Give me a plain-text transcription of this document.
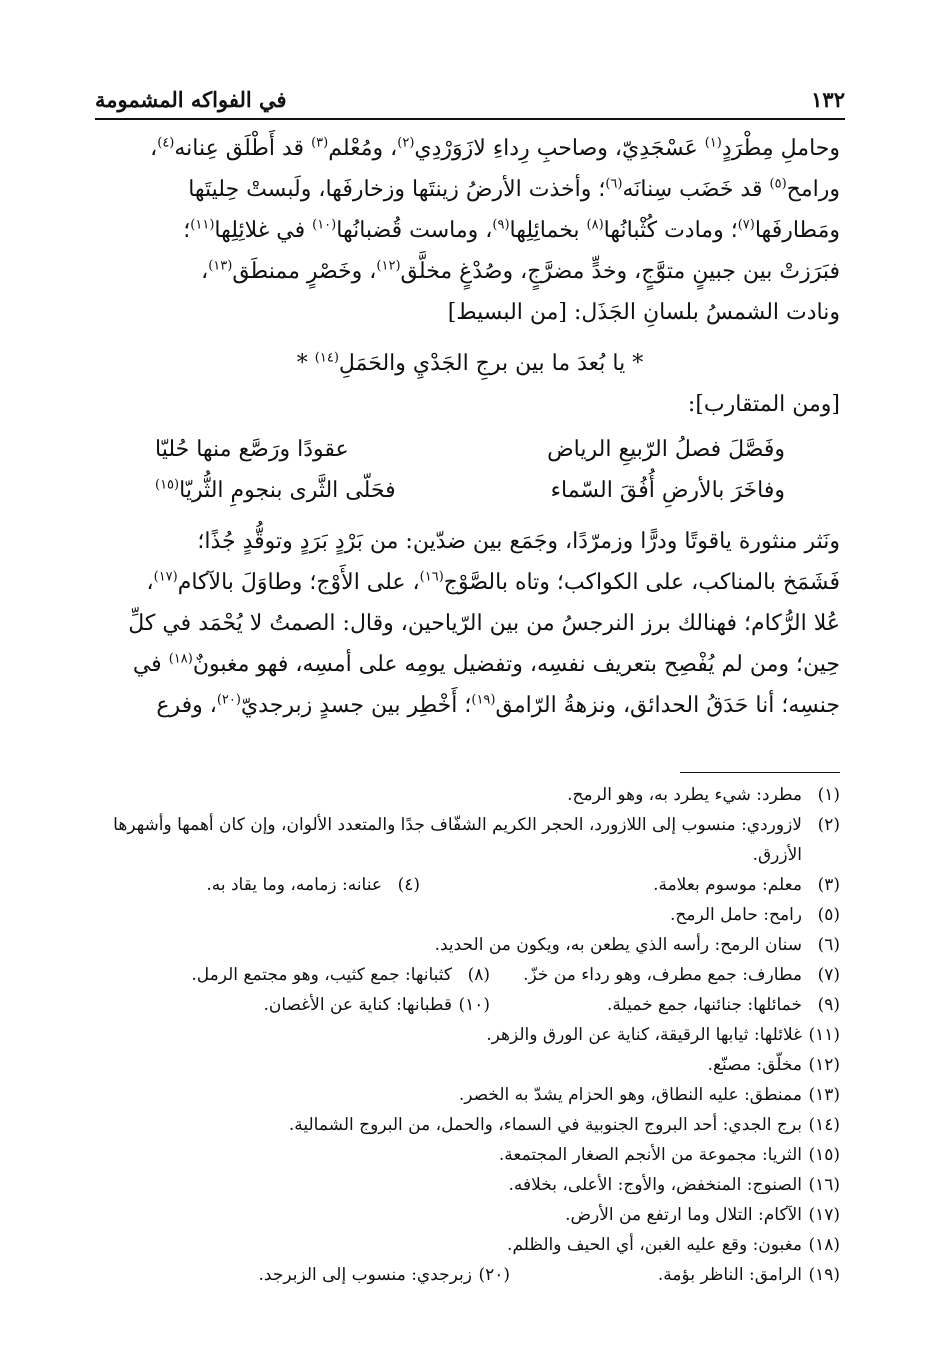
١٣٢
في الفواكه المشمومة

وحاملِ مِطْرَدٍ$^{(١)}$ عَسْجَدِيّ، وصاحبِ رِداءِ لازَوَرْدِي$^{(٢)}$، ومُعْلم$^{(٣)}$ قد أَطْلَق عِنانه$^{(٤)}$،

ورامح$^{(٥)}$ قد خَضَب سِنانَه$^{(٦)}$؛ وأخذت الأرضُ زينتَها وزخارفَها، ولَبستْ حِليتَها

ومَطارفَها$^{(٧)}$؛ ومادت كُثْبانُها$^{(٨)}$ بخمائِلِها$^{(٩)}$، وماست قُضبانُها$^{(١٠)}$ في غلائِلِها$^{(١١)}$؛

فبَرَزتْ بين جبينٍ متوَّجٍ، وخدٍّ مضرَّجٍ، وصُدْغٍ مخلَّق$^{(١٢)}$، وخَصْرٍ ممنطَق$^{(١٣)}$،

ونادت الشمسُ بلسانِ الجَذَل: [من البسيط]

* يا بُعدَ ما بين برجِ الجَدْيِ والحَمَلِ$^{(١٤)}$ *

[ومن المتقارب]:

وفَصَّلَ فصلُ الرّبيعِ الرياض
عقودًا ورَصَّع منها حُليّا
وفاخَرَ بالأرضِ أُفُقَ السّماء
فحَلّى الثَّرى بنجومِ الثُّريّا$^{(١٥)}$

ونَثر منثورة ياقوتًا ودرًّا وزمرّدًا، وجَمَع بين ضدّين: من بَرْدٍ بَرَدٍ وتوقُّدٍ جُذًا؛

فَشَمَخ بالمناكب، على الكواكب؛ وتاه بالصَّوْج$^{(١٦)}$، على الأَوْج؛ وطاوَلَ بالآكام$^{(١٧)}$،

عُلا الرُّكام؛ فهنالك برز النرجسُ من بين الرّياحين، وقال: الصمتُ لا يُحْمَد في كلِّ

حِين؛ ومن لم يُفْصِح بتعريف نفسِه، وتفضيل يومِه على أمسِه، فهو مغبونٌ$^{(١٨)}$ في

جنسِه؛ أنا حَدَقُ الحدائق، ونزهةُ الرّامق$^{(١٩)}$؛ أَخْطِر بين جسدٍ زبرجديّ$^{(٢٠)}$، وفرع

(١)
مطرد: شيء يطرد به، وهو الرمح.
(٢)
لازوردي: منسوب إلى اللازورد، الحجر الكريم الشفّاف جدًا والمتعدد الألوان، وإن كان أهمها وأشهرها الأزرق.
(٣)
معلم: موسوم بعلامة.
(٤)
عنانه: زمامه، وما يقاد به.
(٥)
رامح: حامل الرمح.
(٦)
سنان الرمح: رأسه الذي يطعن به، ويكون من الحديد.
(٧)
مطارف: جمع مطرف، وهو رداء من خزّ.
(٨)
كثبانها: جمع كثيب، وهو مجتمع الرمل.
(٩)
خمائلها: جنائنها، جمع خميلة.
(١٠)
قطبانها: كناية عن الأغصان.
(١١)
غلائلها: ثيابها الرقيقة، كناية عن الورق والزهر.
(١٢)
مخلّق: مصنّع.
(١٣)
ممنطق: عليه النطاق، وهو الحزام يشدّ به الخصر.
(١٤)
برج الجدي: أحد البروج الجنوبية في السماء، والحمل، من البروج الشمالية.
(١٥)
الثريا: مجموعة من الأنجم الصغار المجتمعة.
(١٦)
الصنوج: المنخفض، والأوج: الأعلى، بخلافه.
(١٧)
الآكام: التلال وما ارتفع من الأرض.
(١٨)
مغبون: وقع عليه الغبن، أي الحيف والظلم.
(١٩)
الرامق: الناظر بؤمة.
(٢٠)
زبرجدي: منسوب إلى الزبرجد.
